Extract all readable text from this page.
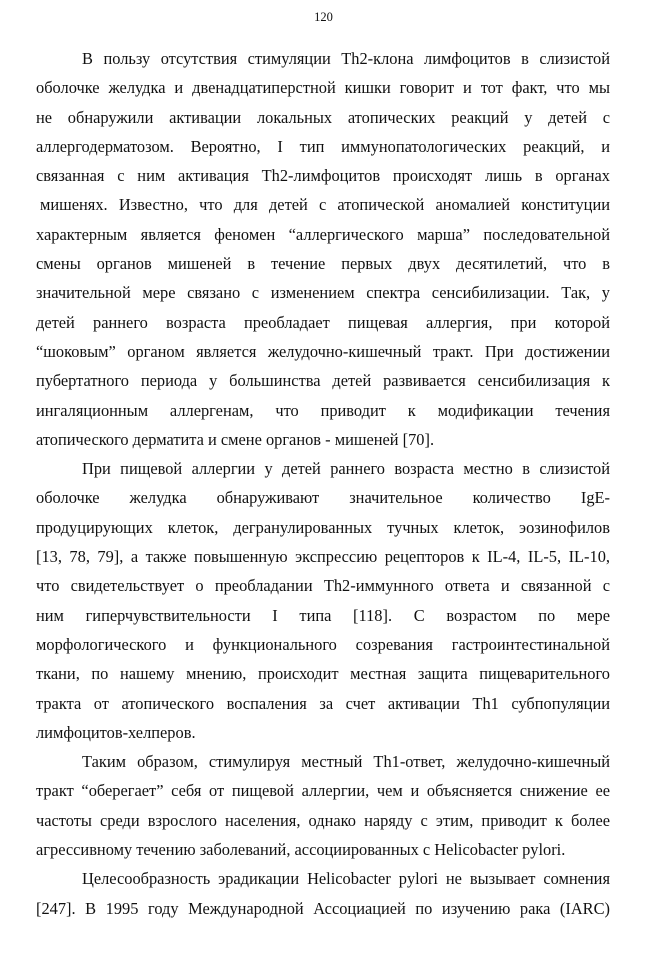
120
В пользу отсутствия стимуляции Th2-клона лимфоцитов в слизистой
оболочке желудка и двенадцатиперстной кишки говорит и тот факт, что мы
не обнаружили активации локальных атопических реакций у детей с
аллергодерматозом. Вероятно, I тип иммунопатологических реакций, и
связанная с ним активация Th2-лимфоцитов происходят лишь в органах
мишенях. Известно, что для детей с атопической аномалией конституции
характерным является феномен “аллергического марша” последовательной
смены органов мишеней в течение первых двух десятилетий, что в
значительной мере связано с изменением спектра сенсибилизации. Так, у
детей раннего возраста преобладает пищевая аллергия, при которой
“шоковым” органом является желудочно-кишечный тракт. При достижении
пубертатного периода у большинства детей развивается сенсибилизация к
ингаляционным аллергенам, что приводит к модификации течения
атопического дерматита и смене органов - мишеней [70].
При пищевой аллергии у детей раннего возраста местно в слизистой
оболочке желудка обнаруживают значительное количество IgE-
продуцирующих клеток, дегранулированных тучных клеток, эозинофилов
[13, 78, 79], а также повышенную экспрессию рецепторов к IL-4, IL-5, IL-10,
что свидетельствует о преобладании Th2-иммунного ответа и связанной с
ним гиперчувствительности I типа [118]. С возрастом по мере
морфологического и функционального созревания гастроинтестинальной
ткани, по нашему мнению, происходит местная защита пищеварительного
тракта от атопического воспаления за счет активации Th1 субпопуляции
лимфоцитов-хелперов.
Таким образом, стимулируя местный Th1-ответ, желудочно-кишечный
тракт “оберегает” себя от пищевой аллергии, чем и объясняется снижение ее
частоты среди взрослого населения, однако наряду с этим, приводит к более
агрессивному течению заболеваний, ассоциированных с Helicobacter pylori.
Целесообразность эрадикации Helicobacter pylori не вызывает сомнения
[247]. В 1995 году Международной Ассоциацией по изучению рака (IARC)
